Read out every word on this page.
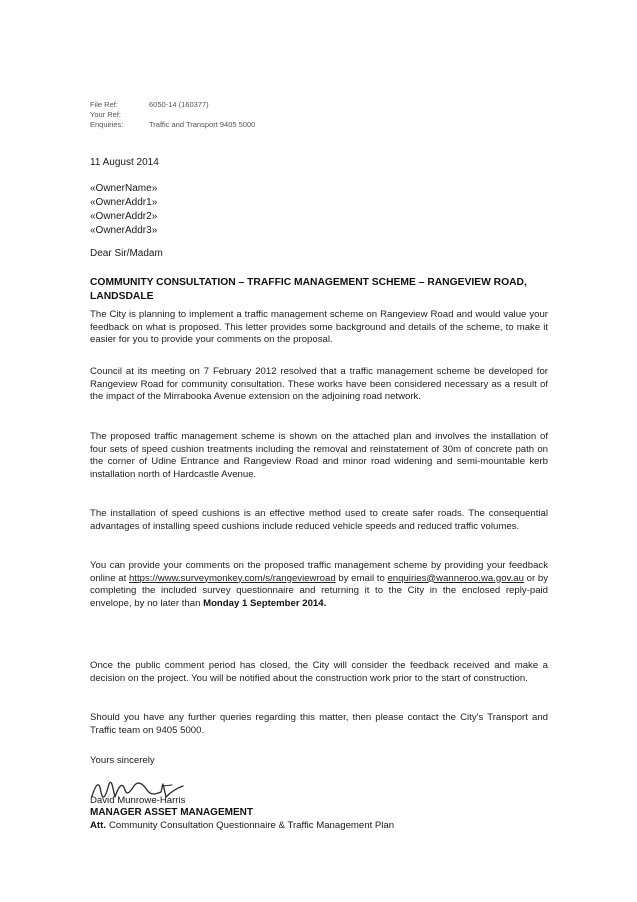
File Ref:	6050-14 (160377)
Your Ref:
Enquiries:	Traffic and Transport 9405 5000
11 August 2014
«OwnerName»
«OwnerAddr1»
«OwnerAddr2»
«OwnerAddr3»
Dear Sir/Madam
COMMUNITY CONSULTATION – TRAFFIC MANAGEMENT SCHEME – RANGEVIEW ROAD, LANDSDALE

The City is planning to implement a traffic management scheme on Rangeview Road and would value your feedback on what is proposed. This letter provides some background and details of the scheme, to make it easier for you to provide your comments on the proposal.

Council at its meeting on 7 February 2012 resolved that a traffic management scheme be developed for Rangeview Road for community consultation. These works have been considered necessary as a result of the impact of the Mirrabooka Avenue extension on the adjoining road network.

The proposed traffic management scheme is shown on the attached plan and involves the installation of four sets of speed cushion treatments including the removal and reinstatement of 30m of concrete path on the corner of Udine Entrance and Rangeview Road and minor road widening and semi-mountable kerb installation north of Hardcastle Avenue.

The installation of speed cushions is an effective method used to create safer roads. The consequential advantages of installing speed cushions include reduced vehicle speeds and reduced traffic volumes.

You can provide your comments on the proposed traffic management scheme by providing your feedback online at https://www.surveymonkey.com/s/rangeviewroad by email to enquiries@wanneroo.wa.gov.au or by completing the included survey questionnaire and returning it to the City in the enclosed reply-paid envelope, by no later than Monday 1 September 2014.

Once the public comment period has closed, the City will consider the feedback received and make a decision on the project. You will be notified about the construction work prior to the start of construction.

Should you have any further queries regarding this matter, then please contact the City's Transport and Traffic team on 9405 5000.

Yours sincerely
David Munrowe-Harris
MANAGER ASSET MANAGEMENT
Att. Community Consultation Questionnaire & Traffic Management Plan
